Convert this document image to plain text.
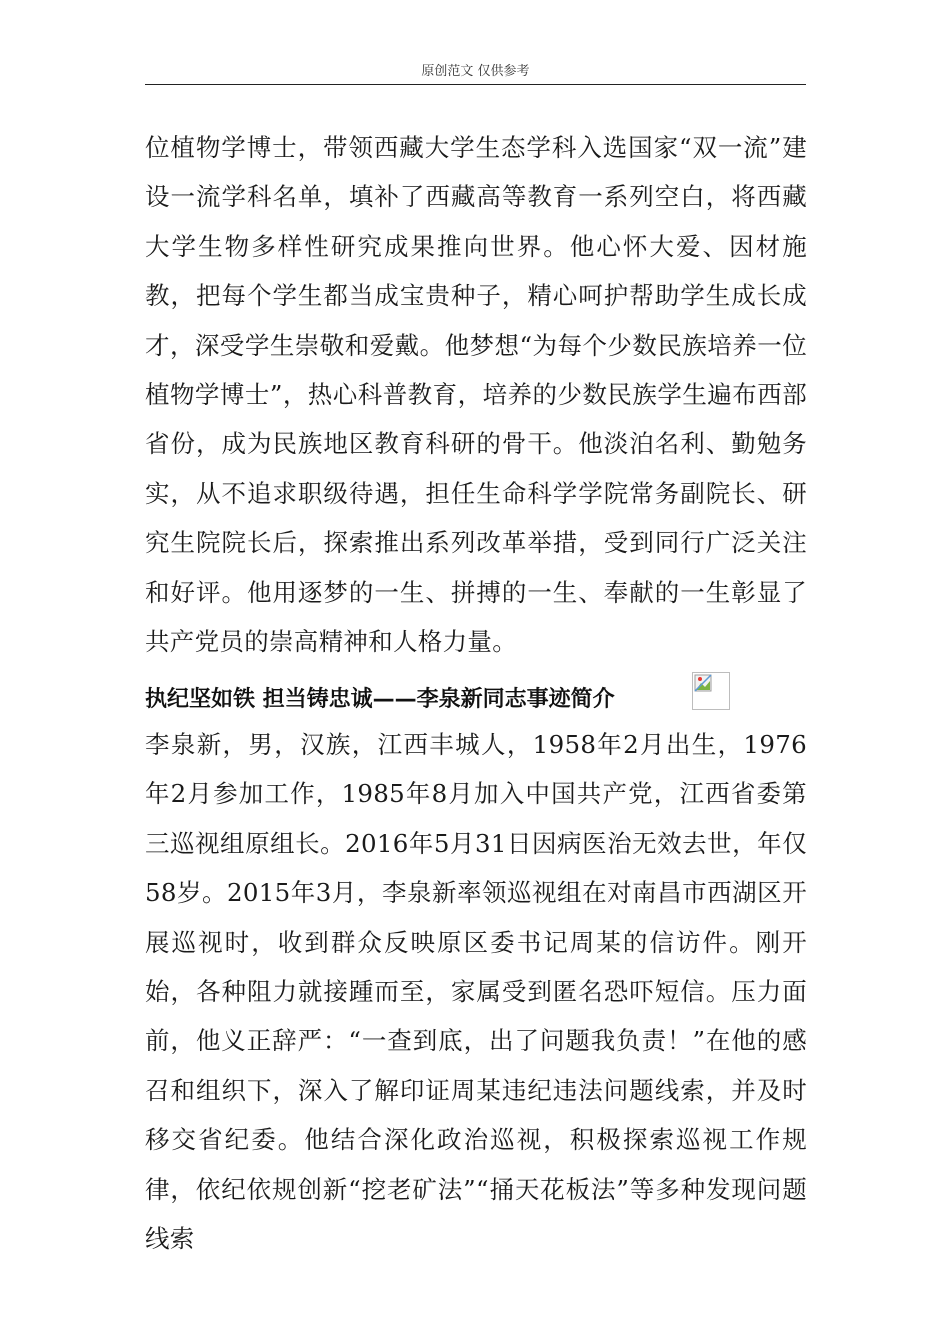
原创范文 仅供参考

位植物学博士，带领西藏大学生态学科入选国家“双一流”建设一流学科名单，填补了西藏高等教育一系列空白，将西藏大学生物多样性研究成果推向世界。他心怀大爱、因材施教，把每个学生都当成宝贵种子，精心呵护帮助学生成长成才，深受学生崇敬和爱戴。他梦想“为每个少数民族培养一位植物学博士”，热心科普教育，培养的少数民族学生遍布西部省份，成为民族地区教育科研的骨干。他淡泊名利、勤勉务实，从不追求职级待遇，担任生命科学学院常务副院长、研究生院院长后，探索推出系列改革举措，受到同行广泛关注和好评。他用逐梦的一生、拼搏的一生、奉献的一生彰显了共产党员的崇高精神和人格力量。

执纪坚如铁 担当铸忠诚——李泉新同志事迹简介

李泉新，男，汉族，江西丰城人，1958年2月出生，1976年2月参加工作，1985年8月加入中国共产党，江西省委第三巡视组原组长。2016年5月31日因病医治无效去世，年仅58岁。2015年3月，李泉新率领巡视组在对南昌市西湖区开展巡视时，收到群众反映原区委书记周某的信访件。刚开始，各种阻力就接踵而至，家属受到匿名恐吓短信。压力面前，他义正辞严：“一查到底，出了问题我负责！”在他的感召和组织下，深入了解印证周某违纪违法问题线索，并及时移交省纪委。他结合深化政治巡视，积极探索巡视工作规律，依纪依规创新“挖老矿法”“捅天花板法”等多种发现问题线索
